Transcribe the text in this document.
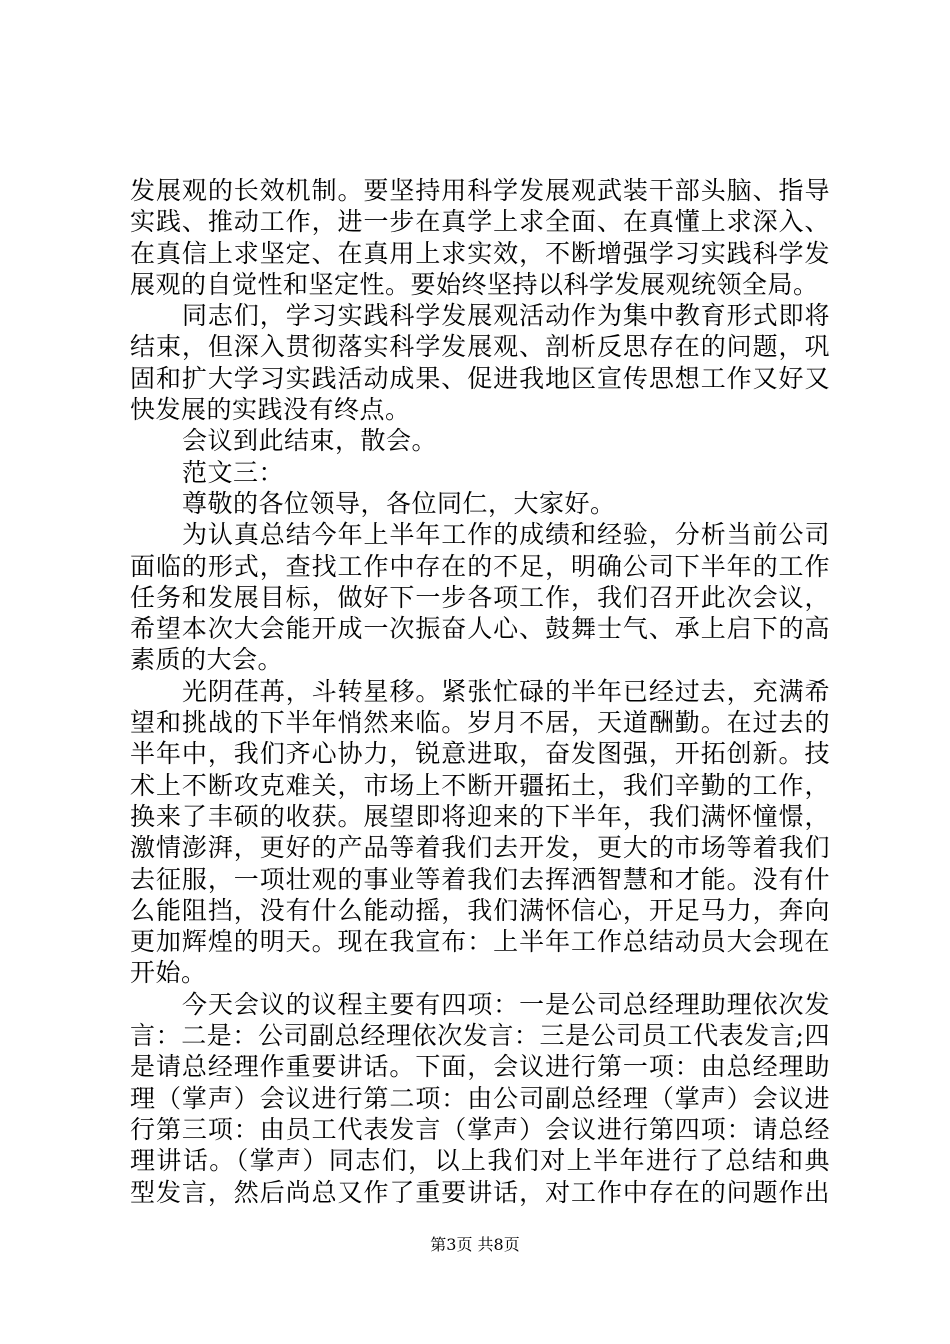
发展观的长效机制。要坚持用科学发展观武装干部头脑、指导
实践、推动工作，进一步在真学上求全面、在真懂上求深入、
在真信上求坚定、在真用上求实效，不断增强学习实践科学发
展观的自觉性和坚定性。要始终坚持以科学发展观统领全局。
同志们，学习实践科学发展观活动作为集中教育形式即将
结束，但深入贯彻落实科学发展观、剖析反思存在的问题，巩
固和扩大学习实践活动成果、促进我地区宣传思想工作又好又
快发展的实践没有终点。
会议到此结束，散会。
范文三：
尊敬的各位领导，各位同仁，大家好。
为认真总结今年上半年工作的成绩和经验，分析当前公司
面临的形式，查找工作中存在的不足，明确公司下半年的工作
任务和发展目标，做好下一步各项工作，我们召开此次会议，
希望本次大会能开成一次振奋人心、鼓舞士气、承上启下的高
素质的大会。
光阴荏苒，斗转星移。紧张忙碌的半年已经过去，充满希
望和挑战的下半年悄然来临。岁月不居，天道酬勤。在过去的
半年中，我们齐心协力，锐意进取，奋发图强，开拓创新。技
术上不断攻克难关，市场上不断开疆拓土，我们辛勤的工作，
换来了丰硕的收获。展望即将迎来的下半年，我们满怀憧憬，
激情澎湃，更好的产品等着我们去开发，更大的市场等着我们
去征服，一项壮观的事业等着我们去挥洒智慧和才能。没有什
么能阻挡，没有什么能动摇，我们满怀信心，开足马力，奔向
更加辉煌的明天。现在我宣布：上半年工作总结动员大会现在
开始。
今天会议的议程主要有四项：一是公司总经理助理依次发
言：二是：公司副总经理依次发言：三是公司员工代表发言;四
是请总经理作重要讲话。下面，会议进行第一项：由总经理助
理（掌声）会议进行第二项：由公司副总经理（掌声）会议进
行第三项：由员工代表发言（掌声）会议进行第四项：请总经
理讲话。（掌声）同志们，以上我们对上半年进行了总结和典
型发言，然后尚总又作了重要讲话，对工作中存在的问题作出
第3页 共8页
